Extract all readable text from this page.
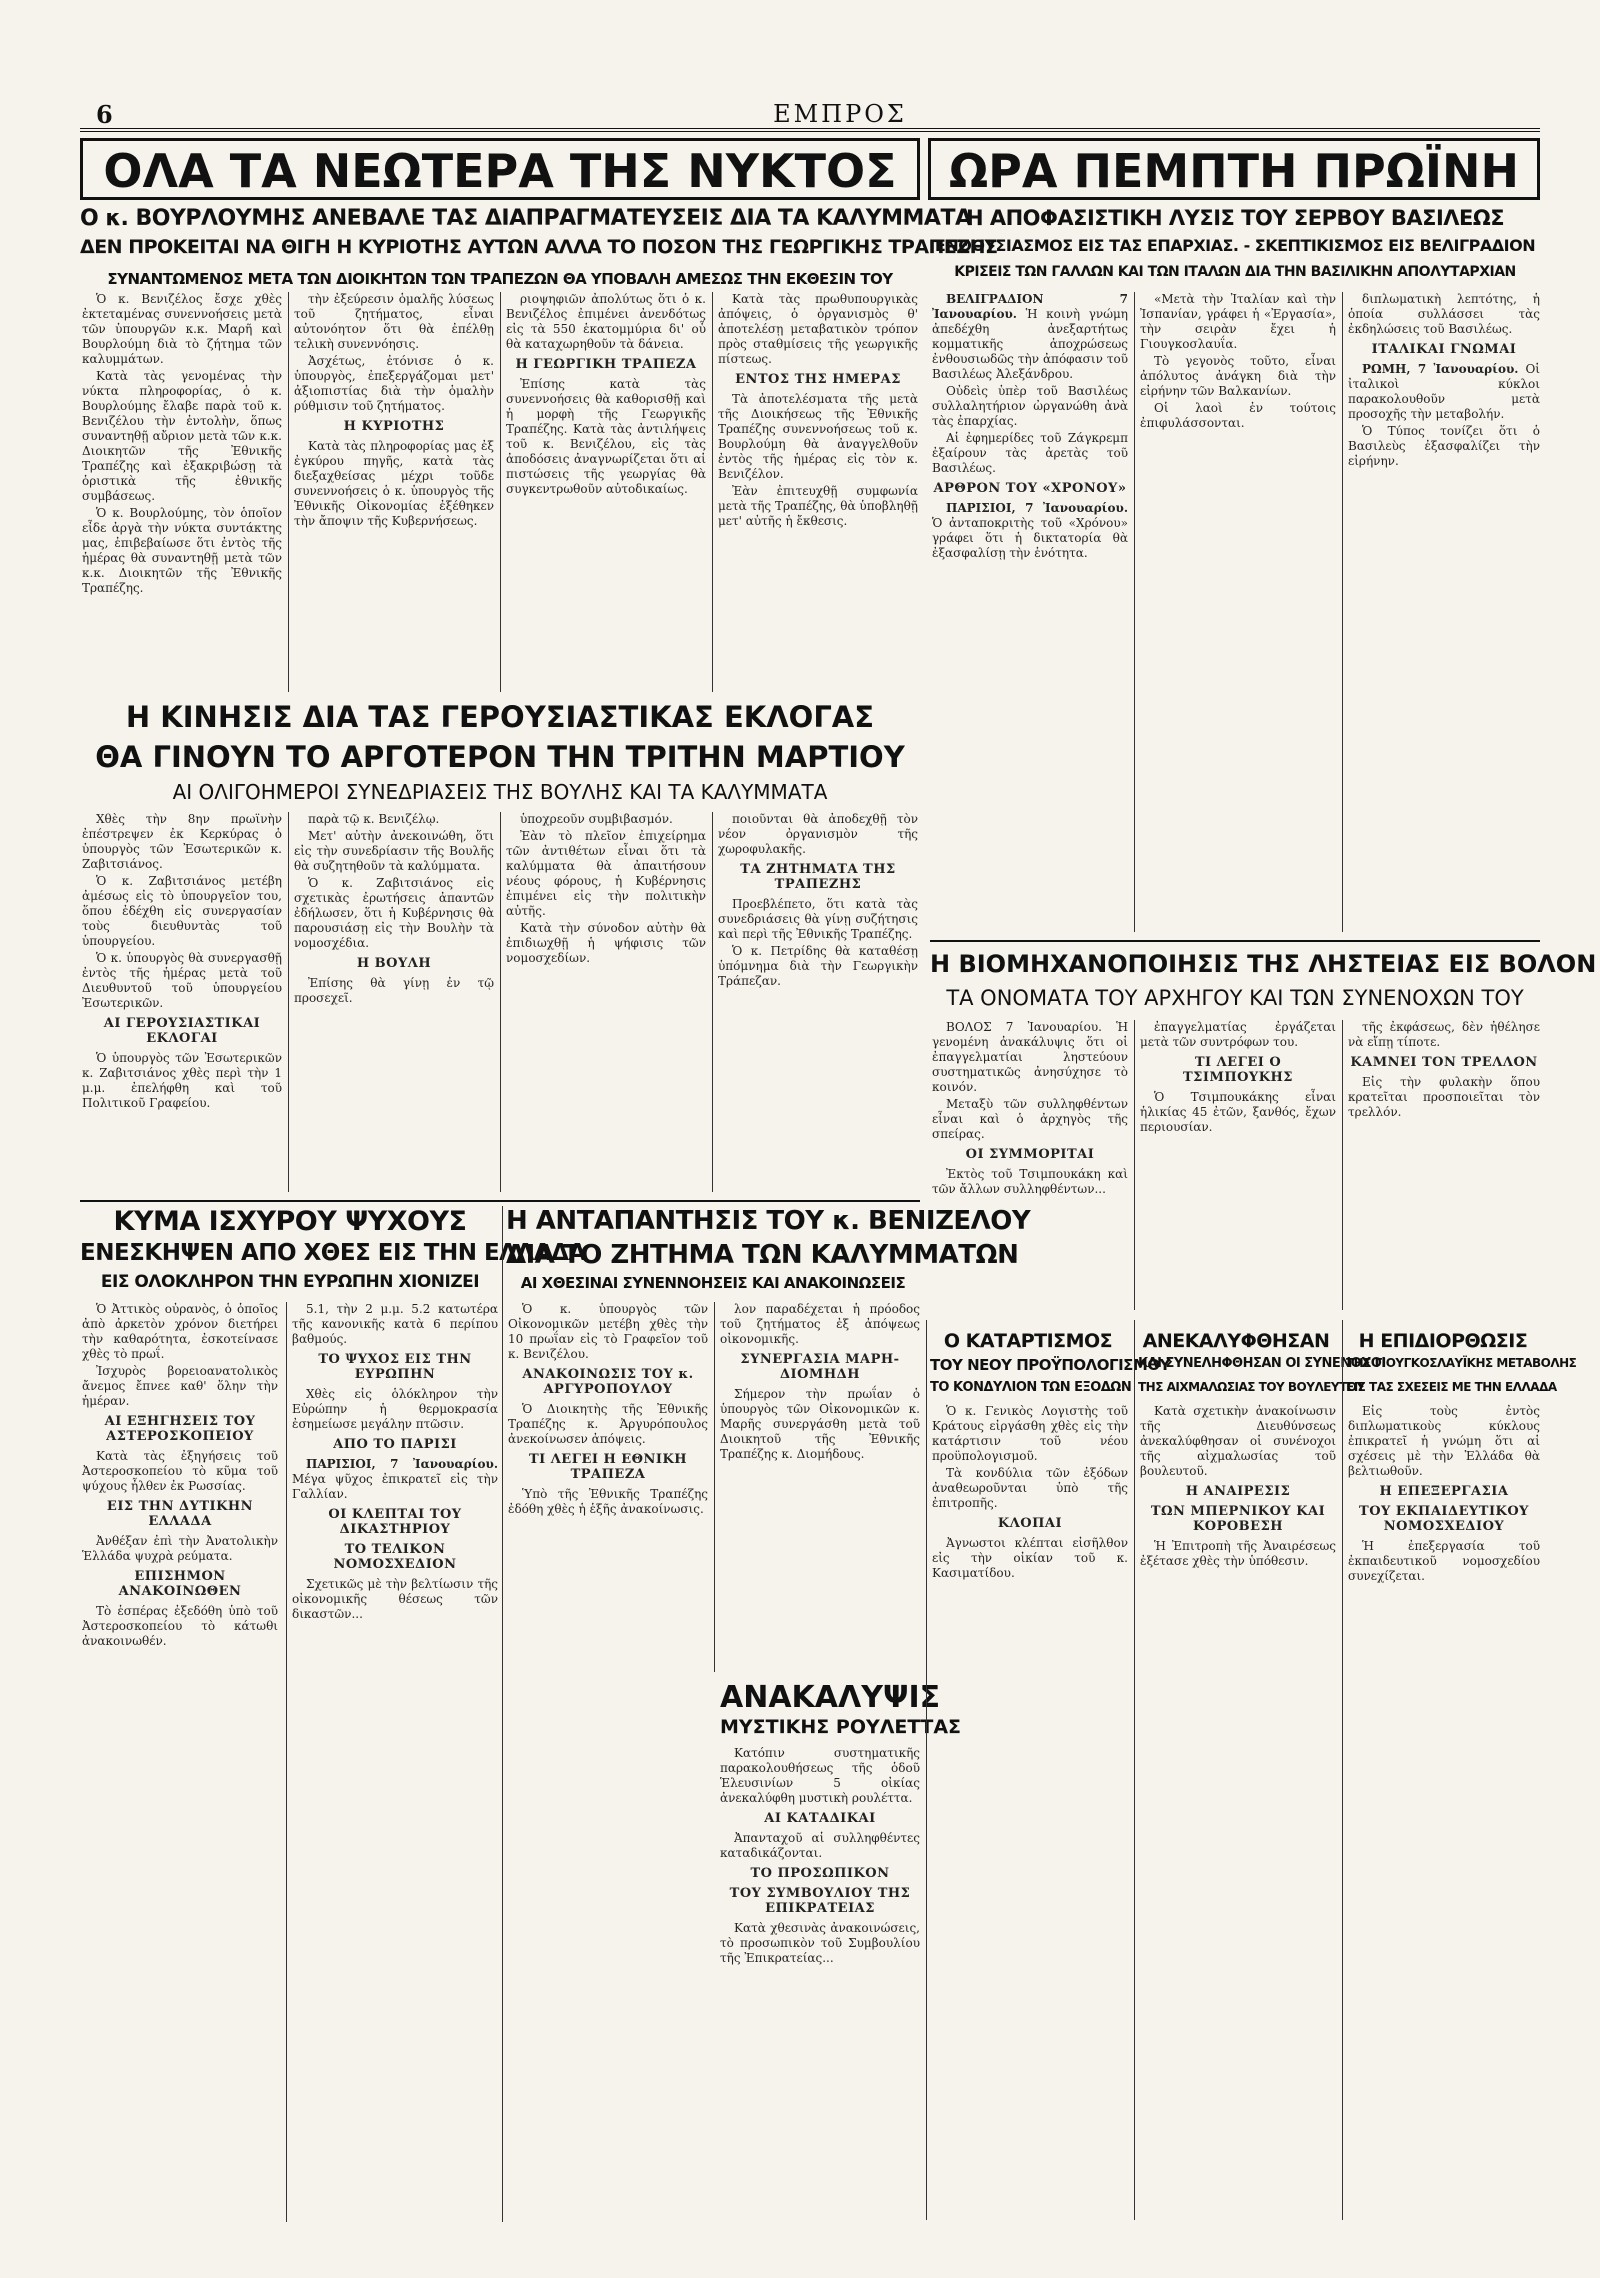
6	ΕΜΠΡΟΣ
ΟΛΑ ΤΑ ΝΕΩΤΕΡΑ ΤΗΣ ΝΥΚΤΟΣ	ΩΡΑ ΠΕΜΠΤΗ ΠΡΩΪΝΗ
Ο κ. ΒΟΥΡΛΟΥΜΗΣ ΑΝΕΒΑΛΕ ΤΑΣ ΔΙΑΠΡΑΓΜΑΤΕΥΣΕΙΣ ΔΙΑ ΤΑ ΚΑΛΥΜΜΑΤΑ
ΔΕΝ ΠΡΟΚΕΙΤΑΙ ΝΑ ΘΙΓΗ Η ΚΥΡΙΟΤΗΣ ΑΥΤΩΝ ΑΛΛΑ ΤΟ ΠΟΣΟΝ ΤΗΣ ΓΕΩΡΓΙΚΗΣ ΤΡΑΠΕΖΗΣ
ΣΥΝΑΝΤΩΜΕΝΟΣ ΜΕΤΑ ΤΩΝ ΔΙΟΙΚΗΤΩΝ ΤΩΝ ΤΡΑΠΕΖΩΝ ΘΑ ΥΠΟΒΑΛΗ ΑΜΕΣΩΣ ΤΗΝ ΕΚΘΕΣΙΝ ΤΟΥ

Ὁ κ. Βενιζέλος ἔσχε χθὲς ἐκτεταμένας συνεννοήσεις μετὰ τῶν ὑπουργῶν κ.κ. Μαρῆ καὶ Βουρλούμη διὰ τὸ ζήτημα τῶν καλυμμάτων.

Κατὰ τὰς γενομένας τὴν νύκτα πληροφορίας, ὁ κ. Βουρλούμης ἔλαβε παρὰ τοῦ κ. Βενιζέλου τὴν ἐντολὴν, ὅπως συναντηθῇ αὔριον μετὰ τῶν κ.κ. Διοικητῶν τῆς Ἐθνικῆς Τραπέζης καὶ ἐξακριβώσῃ τὰ ὁριστικὰ τῆς ἐθνικῆς συμβάσεως.

Ὁ κ. Βουρλούμης, τὸν ὁποῖον εἶδε ἀργὰ τὴν νύκτα συντάκτης μας, ἐπιβεβαίωσε ὅτι ἐντὸς τῆς ἡμέρας θὰ συναντηθῇ μετὰ τῶν κ.κ. Διοικητῶν τῆς Ἐθνικῆς Τραπέζης.

τὴν ἐξεύρεσιν ὁμαλῆς λύσεως τοῦ ζητήματος, εἶναι αὐτονόητον ὅτι θὰ ἐπέλθῃ τελικὴ συνεννόησις.

Ἀσχέτως, ἐτόνισε ὁ κ. ὑπουργὸς, ἐπεξεργάζομαι μετ' ἀξιοπιστίας διὰ τὴν ὁμαλὴν ρύθμισιν τοῦ ζητήματος.

Η ΚΥΡΙΟΤΗΣ

Κατὰ τὰς πληροφορίας μας ἐξ ἐγκύρου πηγῆς, κατὰ τὰς διεξαχθείσας μέχρι τοῦδε συνεννοήσεις ὁ κ. ὑπουργὸς τῆς Ἐθνικῆς Οἰκονομίας ἐξέθηκεν τὴν ἄποψιν τῆς Κυβερνήσεως.

ριοψηφιῶν ἀπολύτως ὅτι ὁ κ. Βενιζέλος ἐπιμένει ἀνενδότως εἰς τὰ 550 ἑκατομμύρια δι' οὗ θὰ καταχωρηθοῦν τὰ δάνεια.

Η ΓΕΩΡΓΙΚΗ ΤΡΑΠΕΖΑ

Ἐπίσης κατὰ τὰς συνεννοήσεις θὰ καθορισθῇ καὶ ἡ μορφὴ τῆς Γεωργικῆς Τραπέζης. Κατὰ τὰς ἀντιλήψεις τοῦ κ. Βενιζέλου, εἰς τὰς ἀποδόσεις ἀναγνωρίζεται ὅτι αἱ πιστώσεις τῆς γεωργίας θὰ συγκεντρωθοῦν αὐτοδικαίως.

Κατὰ τὰς πρωθυπουργικὰς ἀπόψεις, ὁ ὀργανισμὸς θ' ἀποτελέσῃ μεταβατικὸν τρόπον πρὸς σταθμίσεις τῆς γεωργικῆς πίστεως.

ΕΝΤΟΣ ΤΗΣ ΗΜΕΡΑΣ

Τὰ ἀποτελέσματα τῆς μετὰ τῆς Διοικήσεως τῆς Ἐθνικῆς Τραπέζης συνεννοήσεως τοῦ κ. Βουρλούμη θὰ ἀναγγελθοῦν ἐντὸς τῆς ἡμέρας εἰς τὸν κ. Βενιζέλον.

Ἐὰν ἐπιτευχθῇ συμφωνία μετὰ τῆς Τραπέζης, θὰ ὑποβληθῇ μετ' αὐτῆς ἡ ἔκθεσις.

Η ΚΙΝΗΣΙΣ ΔΙΑ ΤΑΣ ΓΕΡΟΥΣΙΑΣΤΙΚΑΣ ΕΚΛΟΓΑΣ
ΘΑ ΓΙΝΟΥΝ ΤΟ ΑΡΓΟΤΕΡΟΝ ΤΗΝ ΤΡΙΤΗΝ ΜΑΡΤΙΟΥ
ΑΙ ΟΛΙΓΟΗΜΕΡΟΙ ΣΥΝΕΔΡΙΑΣΕΙΣ ΤΗΣ ΒΟΥΛΗΣ ΚΑΙ ΤΑ ΚΑΛΥΜΜΑΤΑ

Χθὲς τὴν 8ην πρωϊνὴν ἐπέστρεψεν ἐκ Κερκύρας ὁ ὑπουργὸς τῶν Ἐσωτερικῶν κ. Ζαβιτσιάνος.

Ὁ κ. Ζαβιτσιάνος μετέβη ἀμέσως εἰς τὸ ὑπουργεῖον του, ὅπου ἐδέχθη εἰς συνεργασίαν τοὺς διευθυντὰς τοῦ ὑπουργείου.

Ὁ κ. ὑπουργὸς θὰ συνεργασθῇ ἐντὸς τῆς ἡμέρας μετὰ τοῦ Διευθυντοῦ τοῦ ὑπουργείου Ἐσωτερικῶν.

ΑΙ ΓΕΡΟΥΣΙΑΣΤΙΚΑΙ ΕΚΛΟΓΑΙ

Ὁ ὑπουργὸς τῶν Ἐσωτερικῶν κ. Ζαβιτσιάνος χθὲς περὶ τὴν 1 μ.μ. ἐπελήφθη καὶ τοῦ Πολιτικοῦ Γραφείου.

παρὰ τῷ κ. Βενιζέλῳ.

Μετ' αὐτὴν ἀνεκοινώθη, ὅτι εἰς τὴν συνεδρίασιν τῆς Βουλῆς θὰ συζητηθοῦν τὰ καλύμματα.

Ὁ κ. Ζαβιτσιάνος εἰς σχετικὰς ἐρωτήσεις ἀπαντῶν ἐδήλωσεν, ὅτι ἡ Κυβέρνησις θὰ παρουσιάσῃ εἰς τὴν Βουλὴν τὰ νομοσχέδια.

Η ΒΟΥΛΗ

Ἐπίσης θὰ γίνῃ ἐν τῷ προσεχεῖ.

ὑποχρεοῦν συμβιβασμόν.

Ἐὰν τὸ πλεῖον ἐπιχείρημα τῶν ἀντιθέτων εἶναι ὅτι τὰ καλύμματα θὰ ἀπαιτήσουν νέους φόρους, ἡ Κυβέρνησις ἐπιμένει εἰς τὴν πολιτικὴν αὐτῆς.

Κατὰ τὴν σύνοδον αὐτὴν θὰ ἐπιδιωχθῇ ἡ ψήφισις τῶν νομοσχεδίων.

ποιοῦνται θὰ ἀποδεχθῇ τὸν νέον ὀργανισμὸν τῆς χωροφυλακῆς.

ΤΑ ΖΗΤΗΜΑΤΑ ΤΗΣ ΤΡΑΠΕΖΗΣ

Προεβλέπετο, ὅτι κατὰ τὰς συνεδριάσεις θὰ γίνῃ συζήτησις καὶ περὶ τῆς Ἐθνικῆς Τραπέζης.

Ὁ κ. Πετρίδης θὰ καταθέσῃ ὑπόμνημα διὰ τὴν Γεωργικὴν Τράπεζαν.

Η ΑΠΟΦΑΣΙΣΤΙΚΗ ΛΥΣΙΣ ΤΟΥ ΣΕΡΒΟΥ ΒΑΣΙΛΕΩΣ
ΕΝΘΟΥΣΙΑΣΜΟΣ ΕΙΣ ΤΑΣ ΕΠΑΡΧΙΑΣ. - ΣΚΕΠΤΙΚΙΣΜΟΣ ΕΙΣ ΒΕΛΙΓΡΑΔΙΟΝ
ΚΡΙΣΕΙΣ ΤΩΝ ΓΑΛΛΩΝ ΚΑΙ ΤΩΝ ΙΤΑΛΩΝ ΔΙΑ ΤΗΝ ΒΑΣΙΛΙΚΗΝ ΑΠΟΛΥΤΑΡΧΙΑΝ

ΒΕΛΙΓΡΑΔΙΟΝ 7 Ἰανουαρίου. Ἡ κοινὴ γνώμη ἀπεδέχθη ἀνεξαρτήτως κομματικῆς ἀποχρώσεως ἐνθουσιωδῶς τὴν ἀπόφασιν τοῦ Βασιλέως Ἀλεξάνδρου.

Οὐδεὶς ὑπὲρ τοῦ Βασιλέως συλλαλητήριον ὠργανώθη ἀνὰ τὰς ἐπαρχίας.

Αἱ ἐφημερίδες τοῦ Ζάγκρεμπ ἐξαίρουν τὰς ἀρετὰς τοῦ Βασιλέως.

ΑΡΘΡΟΝ ΤΟΥ «ΧΡΟΝΟΥ»

ΠΑΡΙΣΙΟΙ, 7 Ἰανουαρίου. Ὁ ἀνταποκριτὴς τοῦ «Χρόνου» γράφει ὅτι ἡ δικτατορία θὰ ἐξασφαλίσῃ τὴν ἑνότητα.

«Μετὰ τὴν Ἰταλίαν καὶ τὴν Ἰσπανίαν, γράφει ἡ «Ἐργασία», τὴν σειρὰν ἔχει ἡ Γιουγκοσλαυΐα.

Τὸ γεγονὸς τοῦτο, εἶναι ἀπόλυτος ἀνάγκη διὰ τὴν εἰρήνην τῶν Βαλκανίων.

Οἱ λαοὶ ἐν τούτοις ἐπιφυλάσσονται.

διπλωματικὴ λεπτότης, ἡ ὁποία συλλάσσει τὰς ἐκδηλώσεις τοῦ Βασιλέως.

ΙΤΑΛΙΚΑΙ ΓΝΩΜΑΙ

ΡΩΜΗ, 7 Ἰανουαρίου. Οἱ ἰταλικοὶ κύκλοι παρακολουθοῦν μετὰ προσοχῆς τὴν μεταβολήν.

Ὁ Τύπος τονίζει ὅτι ὁ Βασιλεὺς ἐξασφαλίζει τὴν εἰρήνην.

Η ΒΙΟΜΗΧΑΝΟΠΟΙΗΣΙΣ ΤΗΣ ΛΗΣΤΕΙΑΣ ΕΙΣ ΒΟΛΟΝ
ΤΑ ΟΝΟΜΑΤΑ ΤΟΥ ΑΡΧΗΓΟΥ ΚΑΙ ΤΩΝ ΣΥΝΕΝΟΧΩΝ ΤΟΥ

ΒΟΛΟΣ 7 Ἰανουαρίου. Ἡ γενομένη ἀνακάλυψις ὅτι οἱ ἐπαγγελματίαι ληστεύουν συστηματικῶς ἀνησύχησε τὸ κοινόν.

Μεταξὺ τῶν συλληφθέντων εἶναι καὶ ὁ ἀρχηγὸς τῆς σπείρας.

ΟΙ ΣΥΜΜΟΡΙΤΑΙ

Ἐκτὸς τοῦ Τσιμπουκάκη καὶ τῶν ἄλλων συλληφθέντων...

ἐπαγγελματίας ἐργάζεται μετὰ τῶν συντρόφων του.

ΤΙ ΛΕΓΕΙ Ο ΤΣΙΜΠΟΥΚΗΣ

Ὁ Τσιμπουκάκης εἶναι ἡλικίας 45 ἐτῶν, ξανθός, ἔχων περιουσίαν.

τῆς ἐκφάσεως, δὲν ἠθέλησε νὰ εἴπῃ τίποτε.

ΚΑΜΝΕΙ ΤΟΝ ΤΡΕΛΛΟΝ

Εἰς τὴν φυλακὴν ὅπου κρατεῖται προσποιεῖται τὸν τρελλόν.

ΚΥΜΑ ΙΣΧΥΡΟΥ ΨΥΧΟΥΣ
ΕΝΕΣΚΗΨΕΝ ΑΠΟ ΧΘΕΣ ΕΙΣ ΤΗΝ ΕΛΛΑΔΑ
ΕΙΣ ΟΛΟΚΛΗΡΟΝ ΤΗΝ ΕΥΡΩΠΗΝ ΧΙΟΝΙΖΕΙ

Ὁ Ἀττικὸς οὐρανὸς, ὁ ὁποῖος ἀπὸ ἀρκετὸν χρόνον διετήρει τὴν καθαρότητα, ἐσκοτείνασε χθὲς τὸ πρωΐ.

Ἰσχυρὸς βορειοανατολικὸς ἄνεμος ἔπνεε καθ' ὅλην τὴν ἡμέραν.

ΑΙ ΕΞΗΓΗΣΕΙΣ ΤΟΥ ΑΣΤΕΡΟΣΚΟΠΕΙΟΥ

Κατὰ τὰς ἐξηγήσεις τοῦ Ἀστεροσκοπείου τὸ κῦμα τοῦ ψύχους ἦλθεν ἐκ Ρωσσίας.

ΕΙΣ ΤΗΝ ΔΥΤΙΚΗΝ ΕΛΛΑΔΑ

Ἀνθέξαν ἐπὶ τὴν Ἀνατολικὴν Ἑλλάδα ψυχρὰ ρεύματα.

ΕΠΙΣΗΜΟΝ ΑΝΑΚΟΙΝΩΘΕΝ

Τὸ ἑσπέρας ἐξεδόθη ὑπὸ τοῦ Ἀστεροσκοπείου τὸ κάτωθι ἀνακοινωθέν.

5.1, τὴν 2 μ.μ. 5.2 κατωτέρα τῆς κανονικῆς κατὰ 6 περίπου βαθμούς.

ΤΟ ΨΥΧΟΣ ΕΙΣ ΤΗΝ ΕΥΡΩΠΗΝ

Χθὲς εἰς ὁλόκληρον τὴν Εὐρώπην ἡ θερμοκρασία ἐσημείωσε μεγάλην πτῶσιν.

ΑΠΟ ΤΟ ΠΑΡΙΣΙ

ΠΑΡΙΣΙΟΙ, 7 Ἰανουαρίου. Μέγα ψῦχος ἐπικρατεῖ εἰς τὴν Γαλλίαν.

ΟΙ ΚΛΕΠΤΑΙ ΤΟΥ ΔΙΚΑΣΤΗΡΙΟΥ
ΤΟ ΤΕΛΙΚΟΝ ΝΟΜΟΣΧΕΔΙΟΝ

Σχετικῶς μὲ τὴν βελτίωσιν τῆς οἰκονομικῆς θέσεως τῶν δικαστῶν...

Η ΑΝΤΑΠΑΝΤΗΣΙΣ ΤΟΥ κ. ΒΕΝΙΖΕΛΟΥ
ΔΙΑ ΤΟ ΖΗΤΗΜΑ ΤΩΝ ΚΑΛΥΜΜΑΤΩΝ
ΑΙ ΧΘΕΣΙΝΑΙ ΣΥΝΕΝΝΟΗΣΕΙΣ ΚΑΙ ΑΝΑΚΟΙΝΩΣΕΙΣ

Ὁ κ. ὑπουργὸς τῶν Οἰκονομικῶν μετέβη χθὲς τὴν 10 πρωΐαν εἰς τὸ Γραφεῖον τοῦ κ. Βενιζέλου.

ΑΝΑΚΟΙΝΩΣΙΣ ΤΟΥ κ. ΑΡΓΥΡΟΠΟΥΛΟΥ

Ὁ Διοικητὴς τῆς Ἐθνικῆς Τραπέζης κ. Ἀργυρόπουλος ἀνεκοίνωσεν ἀπόψεις.

ΤΙ ΛΕΓΕΙ Η ΕΘΝΙΚΗ ΤΡΑΠΕΖΑ

Ὑπὸ τῆς Ἐθνικῆς Τραπέζης ἐδόθη χθὲς ἡ ἑξῆς ἀνακοίνωσις.

λον παραδέχεται ἡ πρόοδος τοῦ ζητήματος ἐξ ἀπόψεως οἰκονομικῆς.

ΣΥΝΕΡΓΑΣΙΑ ΜΑΡΗ-ΔΙΟΜΗΔΗ

Σήμερον τὴν πρωΐαν ὁ ὑπουργὸς τῶν Οἰκονομικῶν κ. Μαρῆς συνεργάσθη μετὰ τοῦ Διοικητοῦ τῆς Ἐθνικῆς Τραπέζης κ. Διομήδους.

ΑΝΑΚΑΛΥΨΙΣ
ΜΥΣΤΙΚΗΣ ΡΟΥΛΕΤΤΑΣ

Κατόπιν συστηματικῆς παρακολουθήσεως τῆς ὁδοῦ Ἑλευσινίων 5 οἰκίας ἀνεκαλύφθη μυστικὴ ρουλέττα.

ΑΙ ΚΑΤΑΔΙΚΑΙ

Ἀπανταχοῦ αἱ συλληφθέντες καταδικάζονται.

ΤΟ ΠΡΟΣΩΠΙΚΟΝ
ΤΟΥ ΣΥΜΒΟΥΛΙΟΥ ΤΗΣ ΕΠΙΚΡΑΤΕΙΑΣ

Κατὰ χθεσινὰς ἀνακοινώσεις, τὸ προσωπικὸν τοῦ Συμβουλίου τῆς Ἐπικρατείας...

Ο ΚΑΤΑΡΤΙΣΜΟΣ
ΤΟΥ ΝΕΟΥ ΠΡΟΫΠΟΛΟΓΙΣΜΟΥ
ΤΟ ΚΟΝΔΥΛΙΟΝ ΤΩΝ ΕΞΟΔΩΝ

Ὁ κ. Γενικὸς Λογιστὴς τοῦ Κράτους εἰργάσθη χθὲς εἰς τὴν κατάρτισιν τοῦ νέου προϋπολογισμοῦ.

Τὰ κονδύλια τῶν ἐξόδων ἀναθεωροῦνται ὑπὸ τῆς ἐπιτροπῆς.

ΚΛΟΠΑΙ

Ἀγνωστοι κλέπται εἰσῆλθον εἰς τὴν οἰκίαν τοῦ κ. Κασιματίδου.

ΑΝΕΚΑΛΥΦΘΗΣΑΝ
ΚΑΙ ΣΥΝΕΛΗΦΘΗΣΑΝ ΟΙ ΣΥΝΕΝΟΧΟΙ
ΤΗΣ ΑΙΧΜΑΛΩΣΙΑΣ ΤΟΥ ΒΟΥΛΕΥΤΟΥ

Κατὰ σχετικὴν ἀνακοίνωσιν τῆς Διευθύνσεως ἀνεκαλύφθησαν οἱ συνένοχοι τῆς αἰχμαλωσίας τοῦ βουλευτοῦ.

Η ΑΝΑΙΡΕΣΙΣ
ΤΩΝ ΜΠΕΡΝΙΚΟΥ ΚΑΙ ΚΟΡΟΒΕΣΗ

Ἡ Ἐπιτροπὴ τῆς Ἀναιρέσεως ἐξέτασε χθὲς τὴν ὑπόθεσιν.

Η ΕΠΙΔΙΟΡΘΩΣΙΣ
ΤΗΣ ΓΙΟΥΓΚΟΣΛΑΥΪΚΗΣ ΜΕΤΑΒΟΛΗΣ
ΕΙΣ ΤΑΣ ΣΧΕΣΕΙΣ ΜΕ ΤΗΝ ΕΛΛΑΔΑ

Εἰς τοὺς ἐντὸς διπλωματικοὺς κύκλους ἐπικρατεῖ ἡ γνώμη ὅτι αἱ σχέσεις μὲ τὴν Ἑλλάδα θὰ βελτιωθοῦν.

Η ΕΠΕΞΕΡΓΑΣΙΑ
ΤΟΥ ΕΚΠΑΙΔΕΥΤΙΚΟΥ ΝΟΜΟΣΧΕΔΙΟΥ

Ἡ ἐπεξεργασία τοῦ ἐκπαιδευτικοῦ νομοσχεδίου συνεχίζεται.
